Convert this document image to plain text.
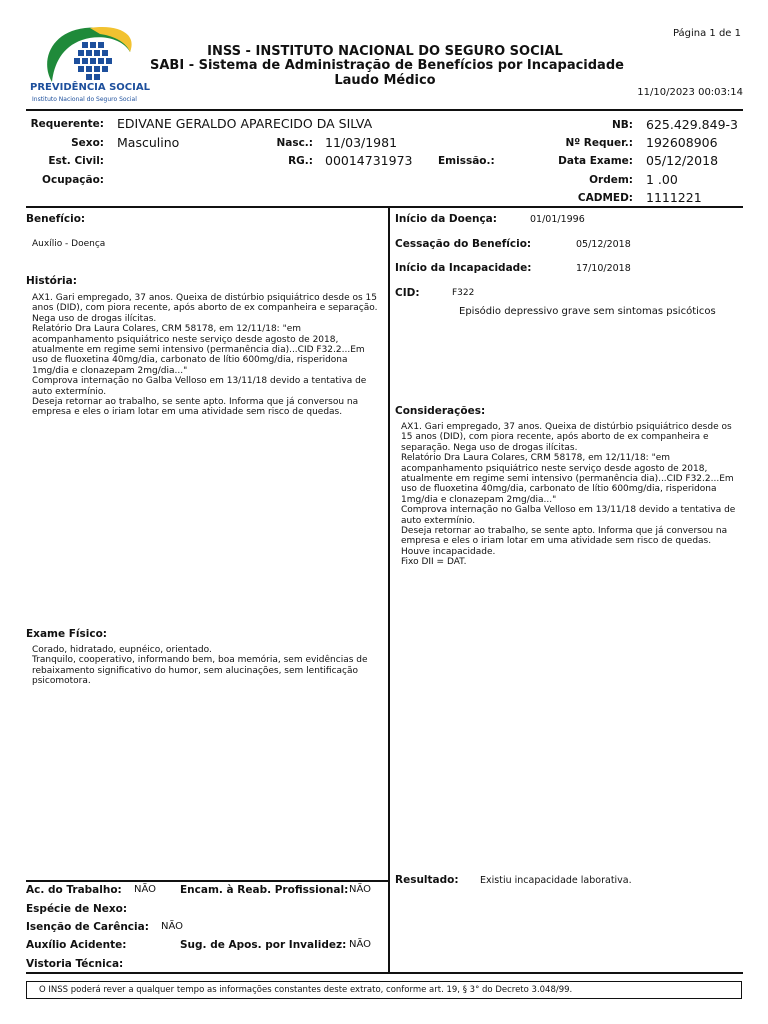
PREVIDÊNCIA SOCIAL
Instituto Nacional do Seguro Social
INSS - INSTITUTO NACIONAL DO SEGURO SOCIAL
SABI - Sistema de Administração de Benefícios por Incapacidade
Laudo Médico
Página 1 de 1
11/10/2023 00:03:14
Requerente: EDIVANE GERALDO APARECIDO DA SILVA
Sexo: Masculino	Nasc.: 11/03/1981
Est. Civil:	RG.: 00014731973 Emissão.:
Ocupação:
NB: 625.429.849-3
Nº Requer.: 192608906
Data Exame: 05/12/2018
Ordem: 1 .00
CADMED: 1111221
Benefício:
Auxílio - Doença
História:
AX1. Gari empregado, 37 anos. Queixa de distúrbio psiquiátrico desde os 15
anos (DID), com piora recente, após aborto de ex companheira e separação.
Nega uso de drogas ilícitas.
Relatório Dra Laura Colares, CRM 58178, em 12/11/18: "em
acompanhamento psiquiátrico neste serviço desde agosto de 2018,
atualmente em regime semi intensivo (permanência dia)...CID F32.2...Em
uso de fluoxetina 40mg/dia, carbonato de lítio 600mg/dia, risperidona
1mg/dia e clonazepam 2mg/dia..."
Comprova internação no Galba Velloso em 13/11/18 devido a tentativa de
auto extermínio.
Deseja retornar ao trabalho, se sente apto. Informa que já conversou na
empresa e eles o iriam lotar em uma atividade sem risco de quedas.
Exame Físico:
Corado, hidratado, eupnéico, orientado.
Tranquilo, cooperativo, informando bem, boa memória, sem evidências de
rebaixamento significativo do humor, sem alucinações, sem lentificação
psicomotora.
Início da Doença:	01/01/1996
Cessação do Benefício:	05/12/2018
Início da Incapacidade:	17/10/2018
CID:	F322
Episódio depressivo grave sem sintomas psicóticos
Considerações:
AX1. Gari empregado, 37 anos. Queixa de distúrbio psiquiátrico desde os
15 anos (DID), com piora recente, após aborto de ex companheira e
separação. Nega uso de drogas ilícitas.
Relatório Dra Laura Colares, CRM 58178, em 12/11/18: "em
acompanhamento psiquiátrico neste serviço desde agosto de 2018,
atualmente em regime semi intensivo (permanência dia)...CID F32.2...Em
uso de fluoxetina 40mg/dia, carbonato de lítio 600mg/dia, risperidona
1mg/dia e clonazepam 2mg/dia..."
Comprova internação no Galba Velloso em 13/11/18 devido a tentativa de
auto extermínio.
Deseja retornar ao trabalho, se sente apto. Informa que já conversou na
empresa e eles o iriam lotar em uma atividade sem risco de quedas.
Houve incapacidade.
Fixo DII = DAT.
Resultado: Existiu incapacidade laborativa.
Ac. do Trabalho: NÃO Encam. à Reab. Profissional: NÃO
Espécie de Nexo:
Isenção de Carência: NÃO
Auxílio Acidente:	Sug. de Apos. por Invalidez: NÃO
Vistoria Técnica:
O INSS poderá rever a qualquer tempo as informações constantes deste extrato, conforme art. 19, § 3° do Decreto 3.048/99.
